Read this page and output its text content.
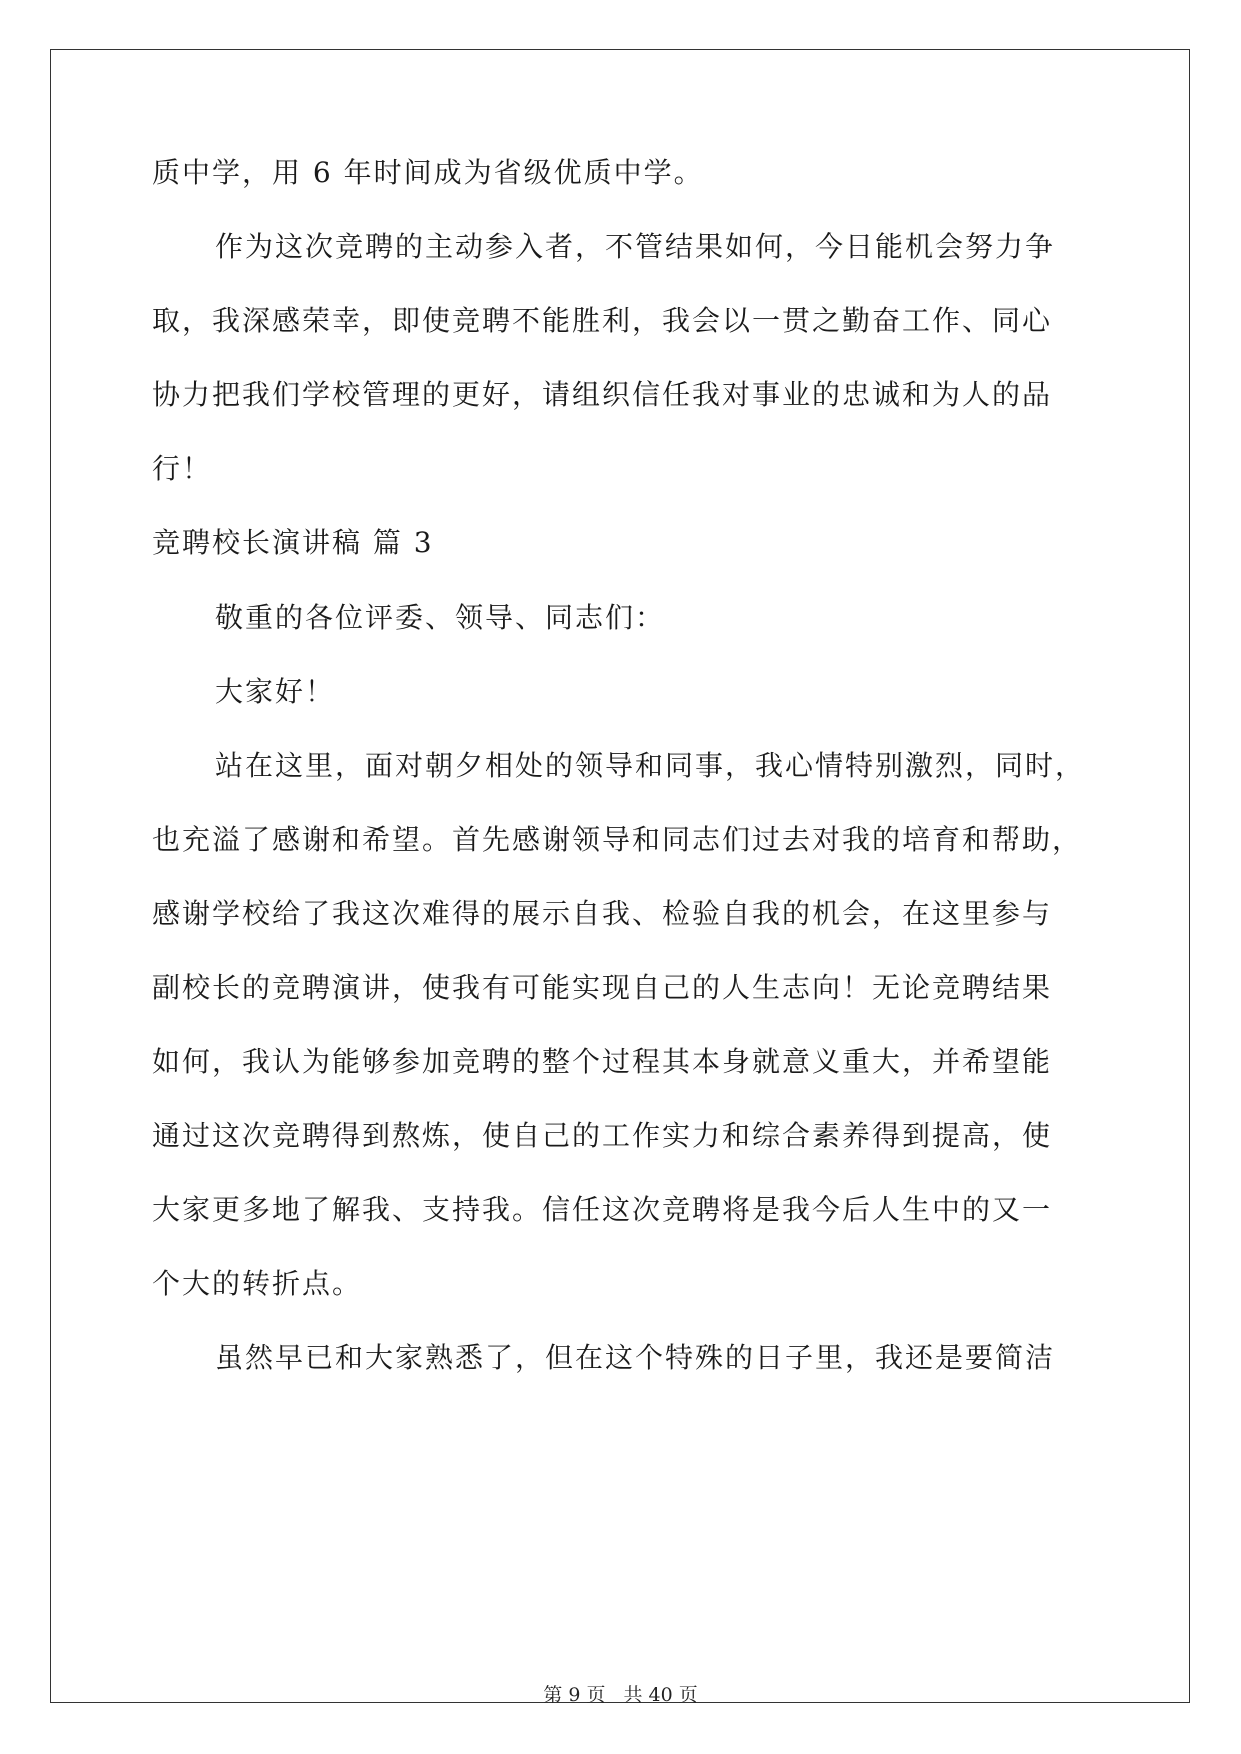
质中学，用 6 年时间成为省级优质中学。
作为这次竞聘的主动参入者，不管结果如何，今日能机会努力争
取，我深感荣幸，即使竞聘不能胜利，我会以一贯之勤奋工作、同心
协力把我们学校管理的更好，请组织信任我对事业的忠诚和为人的品
行！
竞聘校长演讲稿 篇 3
敬重的各位评委、领导、同志们：
大家好！
站在这里，面对朝夕相处的领导和同事，我心情特别激烈，同时，
也充溢了感谢和希望。首先感谢领导和同志们过去对我的培育和帮助，
感谢学校给了我这次难得的展示自我、检验自我的机会，在这里参与
副校长的竞聘演讲，使我有可能实现自己的人生志向！无论竞聘结果
如何，我认为能够参加竞聘的整个过程其本身就意义重大，并希望能
通过这次竞聘得到熬炼，使自己的工作实力和综合素养得到提高，使
大家更多地了解我、支持我。信任这次竞聘将是我今后人生中的又一
个大的转折点。
虽然早已和大家熟悉了，但在这个特殊的日子里，我还是要简洁
第 9 页 共 40 页
